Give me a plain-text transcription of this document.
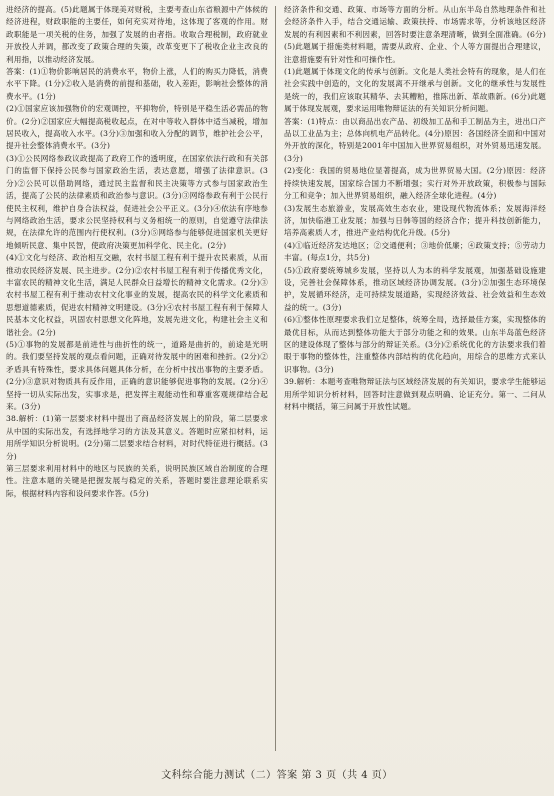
进经济的提高。(5)此题属于体现美对财税，主要考查山东省粮源中产体候的经济进程，财政职能的主要任，如何充实对待地，这体现了客观的作用。财政职能是一项关税的住务，加强了发展的由者指。收取合理税制，政府就业开放投人并调，都改变了政策合理的失策，改革变更下了税收企业主改良的利用指，以推动经济发展。

答案：(1)①物价影响居民的消费水平，物价上涨，人们的购买力降低，消费水平下降。(1分)②收入是消费的前提和基础，收入差距，影响社会整体的消费水平。(1分)

(2)①国家应该加强物价的宏观调控，平抑物价，特别是平稳生活必需品的物价。(2分)②国家应大幅提高税收起点，在对中等收入群体中适当减税，增加居民收入，提高收入水平。(3分)③加强和收入分配的调节，维护社会公平，提升社会整体消费水平。(3分)

(3)①公民网络参政议政提高了政府工作的透明度，在国家依法行政和有关部门的监督下保持公民参与国家政治生活，表达意愿，增强了法律意识。(3分)②公民可以借助网络，通过民主监督和民主决策等方式参与国家政治生活，提高了公民的法律素质和政治参与意识。(3分)③网络参政有利于公民行使民主权利，维护自身合法权益，促进社会公平正义。(3分)④依法有序地参与网络政治生活，要求公民坚持权利与义务相统一的原则，自觉遵守法律法规，在法律允许的范围内行使权利。(3分)⑤网络参与能够促进国家机关更好地倾听民意、集中民智，使政府决策更加科学化、民主化。(2分)

(4)①文化与经济、政治相互交融，农村书屋工程有利于提升农民素质，从而推动农民经济发展、民主进步。(2分)②农村书屋工程有利于传播优秀文化，丰富农民的精神文化生活，满足人民群众日益增长的精神文化需求。(2分)③农村书屋工程有利于推动农村文化事业的发展，提高农民的科学文化素质和思想道德素质，促进农村精神文明建设。(3分)④农村书屋工程有利于保障人民基本文化权益，巩固农村思想文化阵地，发展先进文化，构建社会主义和谐社会。(2分)

(5)①事物的发展都是前进性与曲折性的统一，道路是曲折的，前途是光明的。我们要坚持发展的观点看问题，正确对待发展中的困难和挫折。(2分)②矛盾具有特殊性，要求具体问题具体分析，在分析中找出事物的主要矛盾。(2分)③意识对物质具有反作用，正确的意识能够促进事物的发展。(2分)④坚持一切从实际出发，实事求是，把发挥主观能动性和尊重客观规律结合起来。(3分)

38.解析：(1)第一层要求材料中提出了商品经济发展上的阶段，第二层要求从中国的实际出发，有选择地学习的方法及其意义。答题时应紧扣材料，运用所学知识分析说明。(2分)第二层要求结合材料，对时代特征进行概括。(3分)

第三层要求利用材料中的地区与民族的关系，说明民族区域自治制度的合理性。注意本题的关键是把握发展与稳定的关系，答题时要注意理论联系实际，根据材料内容和设问要求作答。(5分)

经济条件和交通、政策、市场等方面的分析。从山东半岛自然地理条件和社会经济条件入手，结合交通运输、政策扶持、市场需求等，分析该地区经济发展的有利因素和不利因素，回答时要注意条理清晰，做到全面准确。(6分)(5)此题属于措施类材料题，需要从政府、企业、个人等方面提出合理建议，注意措施要有针对性和可操作性。

(1)此题属于体现文化的传承与创新。文化是人类社会特有的现象，是人们在社会实践中创造的，文化的发展离不开继承与创新。文化的继承性与发展性是统一的，我们应该取其精华、去其糟粕，推陈出新、革故鼎新。(6分)此题属于体现发展观，要求运用唯物辩证法的有关知识分析问题。

答案：(1)特点：由以商品出农产品、初级加工品和手工制品为主，进出口产品以工业品为主；总体向机电产品转化。(4分)原因：各国经济全面和中国对外开放的深化，特别是2001年中国加入世界贸易组织，对外贸易迅速发展。(3分)

(2)变化：我国的贸易地位显著提高，成为世界贸易大国。(2分)原因：经济持续快速发展，国家综合国力不断增强；实行对外开放政策，积极参与国际分工和竞争；加入世界贸易组织，融入经济全球化进程。(4分)

(3)发展生态旅游业，发展高效生态农业，建设现代物流体系；发展海洋经济，加快临港工业发展；加强与日韩等国的经济合作；提升科技创新能力，培养高素质人才，推进产业结构优化升级。(5分)

(4)①临近经济发达地区；②交通便利；③地价低廉；④政策支持；⑤劳动力丰富。(每点1分，共5分)

(5)①政府要统筹城乡发展，坚持以人为本的科学发展观，加强基础设施建设，完善社会保障体系，推动区域经济协调发展。(3分)②加强生态环境保护，发展循环经济，走可持续发展道路，实现经济效益、社会效益和生态效益的统一。(3分)

(6)①整体性原理要求我们立足整体，统筹全局，选择最佳方案，实现整体的最优目标，从而达到整体功能大于部分功能之和的效果。山东半岛蓝色经济区的建设体现了整体与部分的辩证关系。(3分)②系统优化的方法要求我们着眼于事物的整体性，注重整体内部结构的优化趋向，用综合的思维方式来认识事物。(3分)

39.解析：本题考查唯物辩证法与区域经济发展的有关知识，要求学生能够运用所学知识分析材料，回答时注意做到观点明确、论证充分。第一、二问从材料中概括，第三问属于开放性试题。

文科综合能力测试（二）答案 第 3 页（共 4 页）
